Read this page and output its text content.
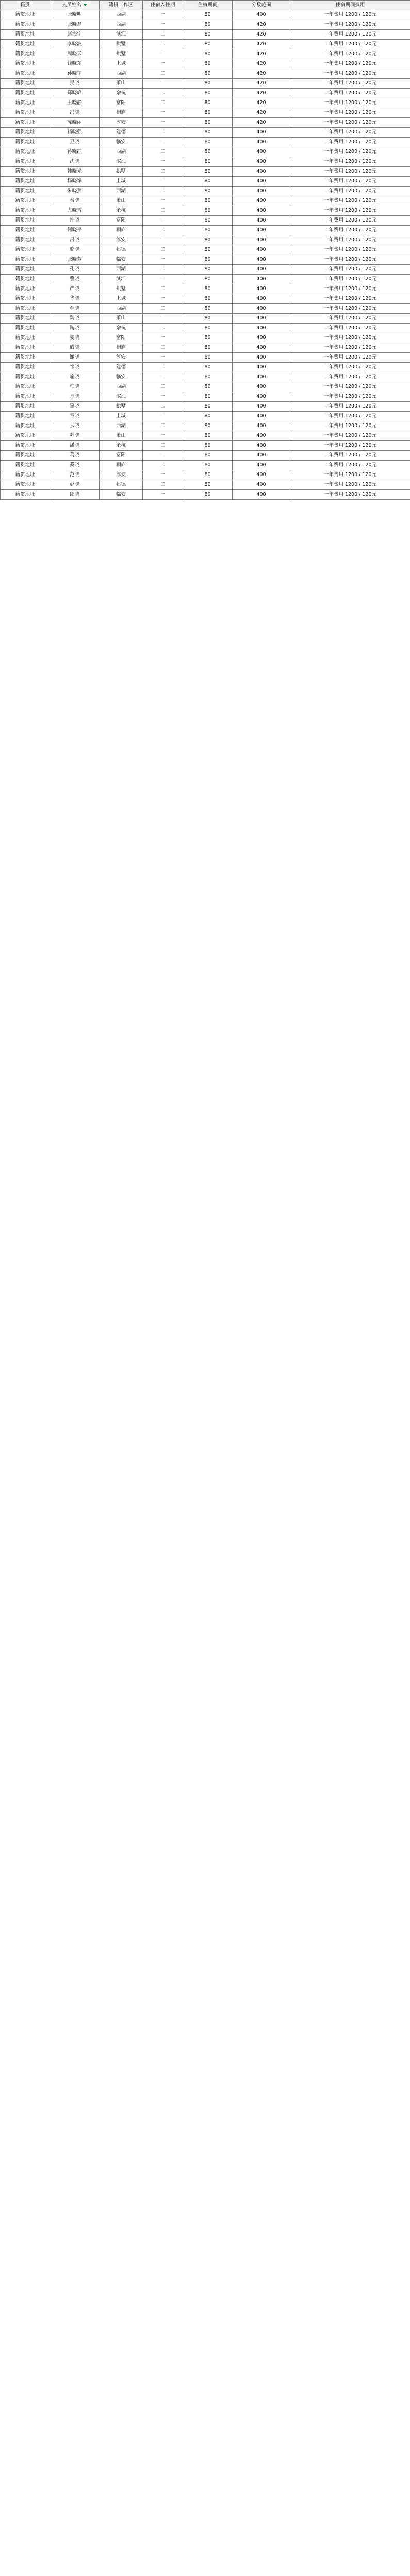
籍贯	人员姓名	籍贯工作区	住宿入住期	住宿期间	分数范围	住宿期间费用
籍贯地址	张晓明	西湖	一	80	400	一年费用 1200 / 120元
籍贯地址	张晓磊	西湖	一	80	420	一年费用 1200 / 120元
籍贯地址	赵海宁	滨江	二	80	420	一年费用 1200 / 120元
籍贯地址	李晓波	拱墅	二	80	420	一年费用 1200 / 120元
籍贯地址	周晓云	拱墅	一	80	420	一年费用 1200 / 120元
籍贯地址	钱晓东	上城	一	80	420	一年费用 1200 / 120元
籍贯地址	孙晓宇	西湖	二	80	420	一年费用 1200 / 120元
籍贯地址	吴晓	萧山	一	80	420	一年费用 1200 / 120元
籍贯地址	郑晓峰	余杭	二	80	420	一年费用 1200 / 120元
籍贯地址	王晓静	富阳	二	80	420	一年费用 1200 / 120元
籍贯地址	冯晓	桐庐	一	80	420	一年费用 1200 / 120元
籍贯地址	陈晓丽	淳安	一	80	420	一年费用 1200 / 120元
籍贯地址	褚晓强	建德	二	80	400	一年费用 1200 / 120元
籍贯地址	卫晓	临安	一	80	400	一年费用 1200 / 120元
籍贯地址	蒋晓红	西湖	二	80	400	一年费用 1200 / 120元
籍贯地址	沈晓	滨江	一	80	400	一年费用 1200 / 120元
籍贯地址	韩晓光	拱墅	二	80	400	一年费用 1200 / 120元
籍贯地址	杨晓军	上城	一	80	400	一年费用 1200 / 120元
籍贯地址	朱晓燕	西湖	二	80	400	一年费用 1200 / 120元
籍贯地址	秦晓	萧山	一	80	400	一年费用 1200 / 120元
籍贯地址	尤晓雪	余杭	二	80	400	一年费用 1200 / 120元
籍贯地址	许晓	富阳	一	80	400	一年费用 1200 / 120元
籍贯地址	何晓平	桐庐	二	80	400	一年费用 1200 / 120元
籍贯地址	吕晓	淳安	一	80	400	一年费用 1200 / 120元
籍贯地址	施晓	建德	二	80	400	一年费用 1200 / 120元
籍贯地址	张晓芳	临安	一	80	400	一年费用 1200 / 120元
籍贯地址	孔晓	西湖	二	80	400	一年费用 1200 / 120元
籍贯地址	曹晓	滨江	一	80	400	一年费用 1200 / 120元
籍贯地址	严晓	拱墅	二	80	400	一年费用 1200 / 120元
籍贯地址	华晓	上城	一	80	400	一年费用 1200 / 120元
籍贯地址	金晓	西湖	二	80	400	一年费用 1200 / 120元
籍贯地址	魏晓	萧山	一	80	400	一年费用 1200 / 120元
籍贯地址	陶晓	余杭	二	80	400	一年费用 1200 / 120元
籍贯地址	姜晓	富阳	一	80	400	一年费用 1200 / 120元
籍贯地址	戚晓	桐庐	二	80	400	一年费用 1200 / 120元
籍贯地址	谢晓	淳安	一	80	400	一年费用 1200 / 120元
籍贯地址	邹晓	建德	二	80	400	一年费用 1200 / 120元
籍贯地址	喻晓	临安	一	80	400	一年费用 1200 / 120元
籍贯地址	柏晓	西湖	二	80	400	一年费用 1200 / 120元
籍贯地址	水晓	滨江	一	80	400	一年费用 1200 / 120元
籍贯地址	窦晓	拱墅	二	80	400	一年费用 1200 / 120元
籍贯地址	章晓	上城	一	80	400	一年费用 1200 / 120元
籍贯地址	云晓	西湖	二	80	400	一年费用 1200 / 120元
籍贯地址	苏晓	萧山	一	80	400	一年费用 1200 / 120元
籍贯地址	潘晓	余杭	二	80	400	一年费用 1200 / 120元
籍贯地址	葛晓	富阳	一	80	400	一年费用 1200 / 120元
籍贯地址	奚晓	桐庐	二	80	400	一年费用 1200 / 120元
籍贯地址	范晓	淳安	一	80	400	一年费用 1200 / 120元
籍贯地址	彭晓	建德	二	80	400	一年费用 1200 / 120元
籍贯地址	郎晓	临安	一	80	400	一年费用 1200 / 120元
